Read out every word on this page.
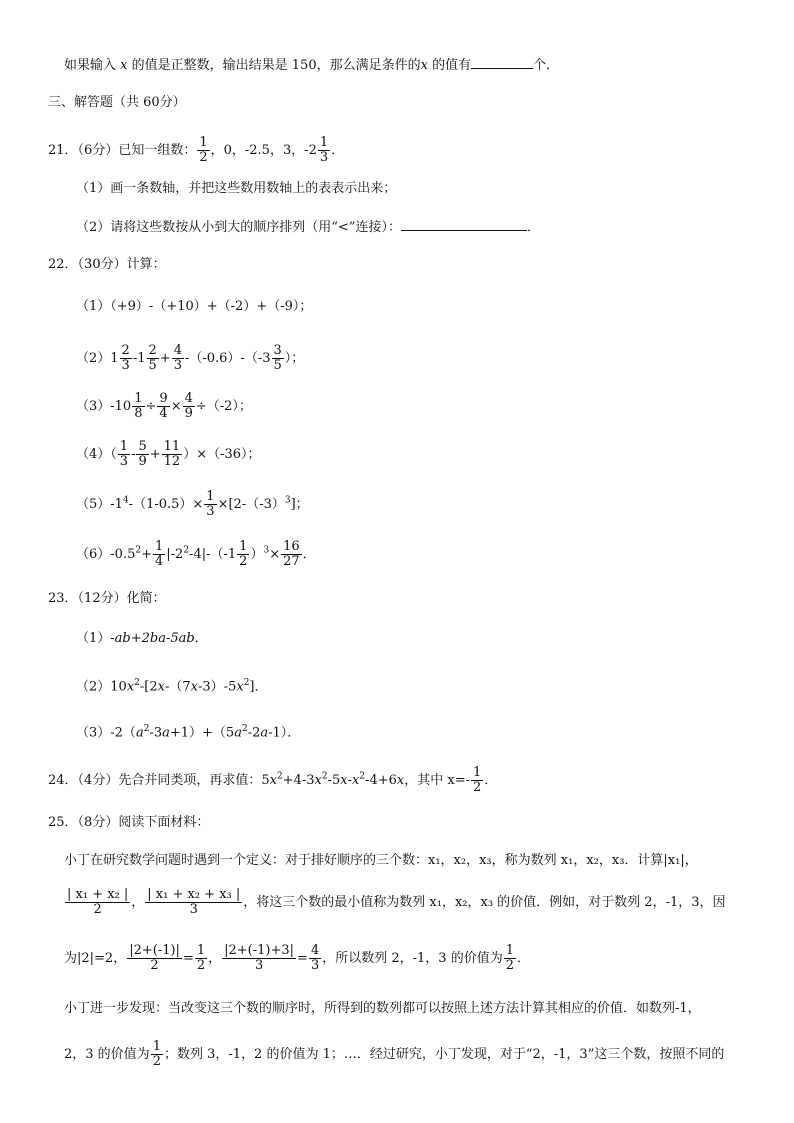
如果输入 x 的值是正整数，输出结果是 150，那么满足条件的x 的值有	个．
三、解答题（共 60分）
21．（6分）已知一组数： $\frac{1}{2}$ ，0，-2.5，3，$-2 \frac{1}{3}$ ．
（1）画一条数轴，并把这些数用数轴上的表表示出来；
（2）请将这些数按从小到大的顺序排列（用“<”连接）：	．
22．（30分）计算：
（1）（+9）-（+10）+（-2）+（-9）；
$(2)1 \frac{2}{3} -1 \frac{2}{5} + \frac{4}{3} -(-0.6)-(-3 \frac{3}{5}$ ）；
$(3)-10 \frac{1}{8} \div \frac{9}{4} \times \frac{4}{9} \div(-2)$；
$(4)( \frac{1}{3} - \frac{5}{9} + \frac{11}{12} )\times(-36)$；
$(5)-1^4-(1-0.5)\times \frac{1}{3} \times[2-(-3)^3]$；
$(6)-0.5^2+ \frac{1}{4} |-2^2-4|-(-1 \frac{1}{2} )^3\times \frac{16}{27}$ ．
23．（12分）化简：
（1）-ab+2ba-5ab．
$(2)10x^2-[2x-(7x-3)-5x^2]$．
$(3)-2(a^2-3a+1)+(5a^2-2a-1)$．
24．（4分）先合并同类项，再求值：$5x^2+4-3x^2-5x-x^2-4+6x$，其中 $x=- \frac{1}{2}$ ．
25．（8分）阅读下面材料：
小丁在研究数学问题时遇到一个定义：对于排好顺序的三个数：x₁，x₂，x₃，称为数列 x₁，x₂，x₃．计算|x₁|，
$\frac{\text{| x₁ + x₂ |}}{2}$ ， $\frac{\text{| x₁ + x₂ + x₃ |}}{3}$ ，将这三个数的最小值称为数列 x₁，x₂，x₃ 的价值．例如，对于数列 2，-1，3，因
为|2|=2， $\frac{|2+(-1)|}{2} = \frac{1}{2}$ ， $\frac{|2+(-1)+3|}{3} = \frac{4}{3}$ ，所以数列 2，-1，3 的价值为 $\frac{1}{2}$ ．
小丁进一步发现：当改变这三个数的顺序时，所得到的数列都可以按照上述方法计算其相应的价值．如数列-1，
2，3 的价值为 $\frac{1}{2}$ ；数列 3，-1，2 的价值为 1；…．经过研究，小丁发现，对于“2，-1，3”这三个数，按照不同的
